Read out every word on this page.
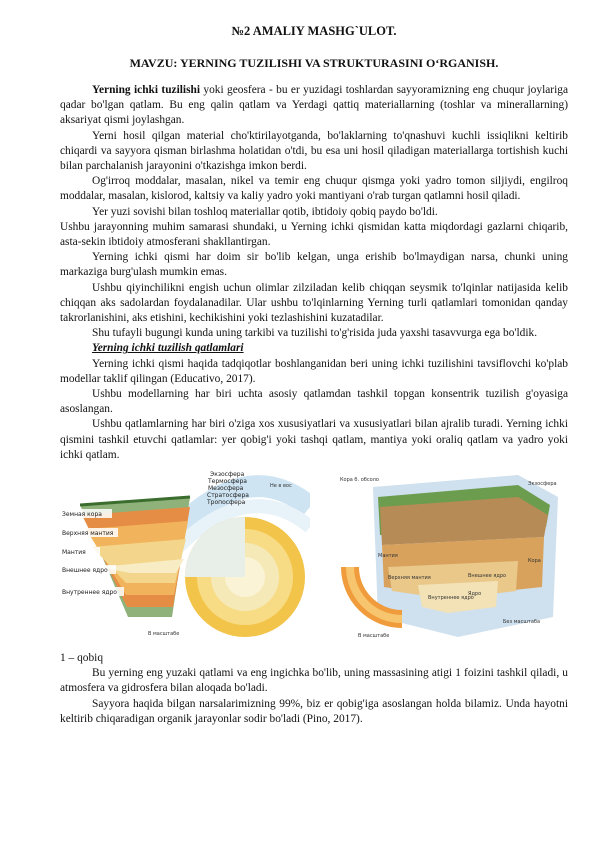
№2 AMALIY MASHG`ULOT.
MAVZU: YERNING TUZILISHI VA STRUKTURASINI O‘RGANISH.

Yerning ichki tuzilishi yoki geosfera - bu er yuzidagi toshlardan sayyoramizning eng chuqur joylariga qadar bo'lgan qatlam. Bu eng qalin qatlam va Yerdagi qattiq materiallarning (toshlar va minerallarning) aksariyat qismi joylashgan.

Yerni hosil qilgan material cho'ktirilayotganda, bo'laklarning to'qnashuvi kuchli issiqlikni keltirib chiqardi va sayyora qisman birlashma holatidan o'tdi, bu esa uni hosil qiladigan materiallarga tortishish kuchi bilan parchalanish jarayonini o'tkazishga imkon berdi.

Og'irroq moddalar, masalan, nikel va temir eng chuqur qismga yoki yadro tomon siljiydi, engilroq moddalar, masalan, kislorod, kaltsiy va kaliy yadro yoki mantiyani o'rab turgan qatlamni hosil qiladi.

Yer yuzi sovishi bilan toshloq materiallar qotib, ibtidoiy qobiq paydo bo'ldi.

Ushbu jarayonning muhim samarasi shundaki, u Yerning ichki qismidan katta miqdordagi gazlarni chiqarib, asta-sekin ibtidoiy atmosferani shakllantirgan.

Yerning ichki qismi har doim sir bo'lib kelgan, unga erishib bo'lmaydigan narsa, chunki uning markaziga burg'ulash mumkin emas.

Ushbu qiyinchilikni engish uchun olimlar zilziladan kelib chiqqan seysmik to'lqinlar natijasida kelib chiqqan aks sadolardan foydalanadilar. Ular ushbu to'lqinlarning Yerning turli qatlamlari tomonidan qanday takrorlanishini, aks etishini, kechikishini yoki tezlashishini kuzatadilar.

Shu tufayli bugungi kunda uning tarkibi va tuzilishi to'g'risida juda yaxshi tasavvurga ega bo'ldik.

Yerning ichki tuzilish qatlamlari

Yerning ichki qismi haqida tadqiqotlar boshlanganidan beri uning ichki tuzilishini tavsiflovchi ko'plab modellar taklif qilingan (Educativo, 2017).

Ushbu modellarning har biri uchta asosiy qatlamdan tashkil topgan konsentrik tuzilish g'oyasiga asoslangan.

Ushbu qatlamlarning har biri o'ziga xos xususiyatlari va xususiyatlari bilan ajralib turadi. Yerning ichki qismini tashkil etuvchi qatlamlar: yer qobig'i yoki tashqi qatlam, mantiya yoki oraliq qatlam va yadro yoki ichki qatlam.

Земная кора
Верхняя мантия
Мантия
Внешнее ядро
Внутреннее ядро
Экзосфера
Термосфера
Мезосфера
Стратосфера
Тропосфера
Не в вос
В масштабе
Кора б. обсоло
Экзосфера
Мантия
Кора
Верхняя мантия	Внешнее ядро
Внутреннее ядро
Ядро
Без масштаба
В масштабе

1 – qobiq

Bu yerning eng yuzaki qatlami va eng ingichka bo'lib, uning massasining atigi 1 foizini tashkil qiladi, u atmosfera va gidrosfera bilan aloqada bo'ladi.

Sayyora haqida bilgan narsalarimizning 99%, biz er qobig'iga asoslangan holda bilamiz. Unda hayotni keltirib chiqaradigan organik jarayonlar sodir bo'ladi (Pino, 2017).
